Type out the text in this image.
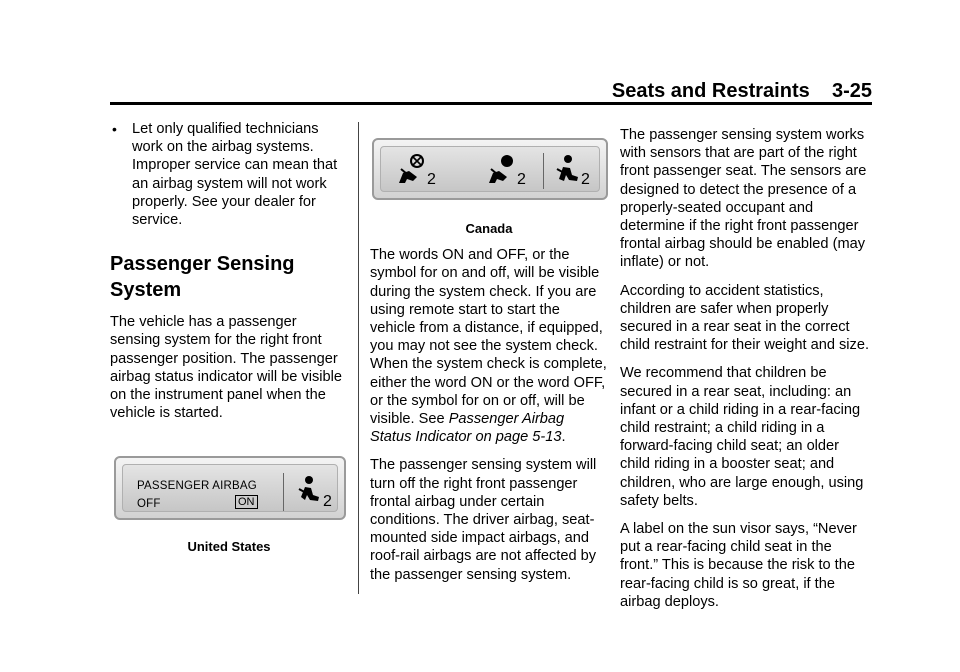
Seats and Restraints 3-25
• Let only qualified technicians work on the airbag systems. Improper service can mean that an airbag system will not work properly. See your dealer for service.
Passenger Sensing
System

The vehicle has a passenger sensing system for the right front passenger position. The passenger airbag status indicator will be visible on the instrument panel when the vehicle is started.

PASSENGER AIRBAG
OFF	ON	2
United States
2	2	2
Canada

The words ON and OFF, or the symbol for on and off, will be visible during the system check. If you are using remote start to start the vehicle from a distance, if equipped, you may not see the system check. When the system check is complete, either the word ON or the word OFF, or the symbol for on or off, will be visible. See Passenger Airbag Status Indicator on page 5-13.

The passenger sensing system will turn off the right front passenger frontal airbag under certain conditions. The driver airbag, seat-mounted side impact airbags, and roof-rail airbags are not affected by the passenger sensing system.

The passenger sensing system works with sensors that are part of the right front passenger seat. The sensors are designed to detect the presence of a properly-seated occupant and determine if the right front passenger frontal airbag should be enabled (may inflate) or not.

According to accident statistics, children are safer when properly secured in a rear seat in the correct child restraint for their weight and size.

We recommend that children be secured in a rear seat, including: an infant or a child riding in a rear-facing child restraint; a child riding in a forward-facing child seat; an older child riding in a booster seat; and children, who are large enough, using safety belts.

A label on the sun visor says, “Never put a rear-facing child seat in the front.” This is because the risk to the rear-facing child is so great, if the airbag deploys.
